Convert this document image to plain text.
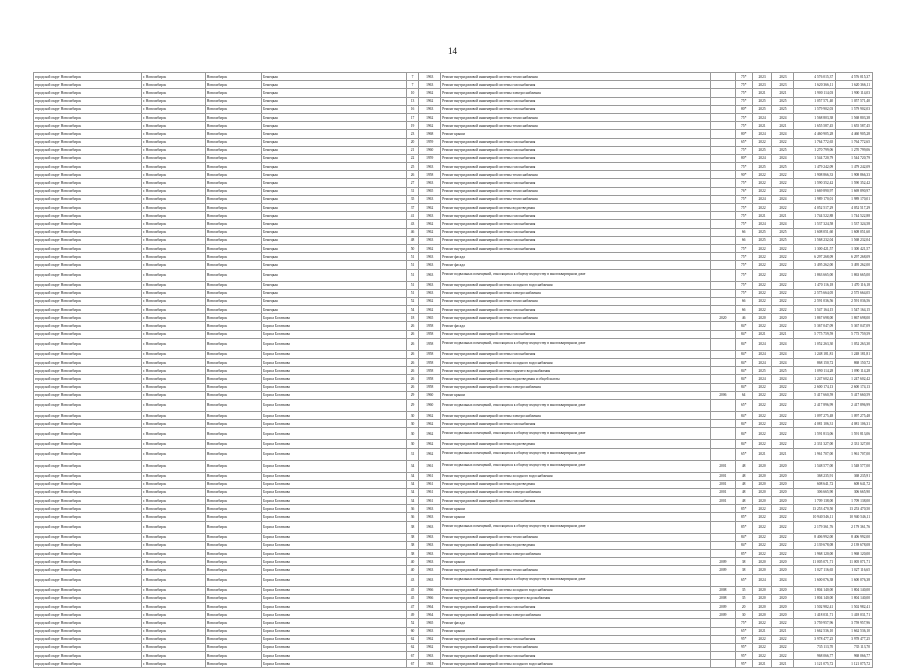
14
городской округ Новосибирск	г. Новосибирск	Новосибирск	Бежецкая	7	1963	Ремонт внутридомовой инженерной системы теплоснабжения		75*	2023	2023	4 576 015,37	4 576 015,37
городской округ Новосибирск	г. Новосибирск	Новосибирск	Бежецкая	7	1963	Ремонт внутридомовой инженерной системы газоснабжения		75*	2023	2023	1 620 366,11	1 620 366,11
городской округ Новосибирск	г. Новосибирск	Новосибирск	Бежецкая	10	1962	Ремонт внутридомовой инженерной системы электроснабжения		75*	2021	2021	1 900 114,03	1 900 114,03
городской округ Новосибирск	г. Новосибирск	Новосибирск	Бежецкая	13	1962	Ремонт внутридомовой инженерной системы газоснабжения		75*	2025	2025	1 057 571,40	1 057 571,40
городской округ Новосибирск	г. Новосибирск	Новосибирск	Бежецкая	16	1963	Ремонт внутридомовой инженерной системы газоснабжения		80*	2025	2025	1 579 902,03	1 579 902,03
городской округ Новосибирск	г. Новосибирск	Новосибирск	Бежецкая	17	1962	Ремонт внутридомовой инженерной системы теплоснабжения		75*	2024	2024	1 568 803,38	1 568 803,38
городской округ Новосибирск	г. Новосибирск	Новосибирск	Бежецкая	19	1962	Ремонт внутридомовой инженерной системы теплоснабжения		75*	2021	2021	1 655 587,45	1 655 587,45
городской округ Новосибирск	г. Новосибирск	Новосибирск	Бежецкая	23	1968	Ремонт крыши		80*	2024	2024	4 460 905,28	4 460 905,28
городской округ Новосибирск	г. Новосибирск	Новосибирск	Бежецкая	20	1959	Ремонт внутридомовой инженерной системы газоснабжения		65*	2022	2022	1 764 772,65	1 764 772,65
городской округ Новосибирск	г. Новосибирск	Новосибирск	Бежецкая	21	1960	Ремонт внутридомовой инженерной системы газоснабжения		75*	2025	2025	1 270 799,06	1 270 799,06
городской округ Новосибирск	г. Новосибирск	Новосибирск	Бежецкая	22	1959	Ремонт внутридомовой инженерной системы газоснабжения		80*	2024	2024	1 544 720,79	1 544 720,79
городской округ Новосибирск	г. Новосибирск	Новосибирск	Бежецкая	25	1963	Ремонт внутридомовой инженерной системы газоснабжения		75*	2025	2025	1 479 242,09	1 479 242,09
городской округ Новосибирск	г. Новосибирск	Новосибирск	Бежецкая	26	1958	Ремонт внутридомовой инженерной системы теплоснабжения		90*	2022	2022	1 908 866,33	1 908 866,33
городской округ Новосибирск	г. Новосибирск	Новосибирск	Бежецкая	27	1963	Ремонт внутридомовой инженерной системы газоснабжения		75*	2022	2022	1 590 352,42	1 590 352,42
городской округ Новосибирск	г. Новосибирск	Новосибирск	Бежецкая	31	1965	Ремонт внутридомовой инженерной системы теплоснабжения		76*	2022	2022	1 669 890,97	1 669 890,97
городской округ Новосибирск	г. Новосибирск	Новосибирск	Бежецкая	35	1963	Ремонт внутридомовой инженерной системы теплоснабжения		75*	2024	2024	1 989 170,01	1 989 170,01
городской округ Новосибирск	г. Новосибирск	Новосибирск	Бежецкая	37	1962	Ремонт внутридомовой инженерной системы водоотведения		75*	2022	2022	4 052 517,29	4 052 517,29
городской округ Новосибирск	г. Новосибирск	Новосибирск	Бежецкая	41	1963	Ремонт внутридомовой инженерной системы газоснабжения		75*	2021	2021	1 744 522,88	1 744 522,88
городской округ Новосибирск	г. Новосибирск	Новосибирск	Бежецкая	43	1962	Ремонт внутридомовой инженерной системы газоснабжения		75*	2024	2024	1 537 324,58	1 537 324,58
городской округ Новосибирск	г. Новосибирск	Новосибирск	Бежецкая	46	1962	Ремонт внутридомовой инженерной системы газоснабжения		66	2025	2025	1 608 051,60	1 608 051,60
городской округ Новосибирск	г. Новосибирск	Новосибирск	Бежецкая	48	1963	Ремонт внутридомовой инженерной системы газоснабжения		66	2025	2025	1 568 232,04	1 568 232,04
городской округ Новосибирск	г. Новосибирск	Новосибирск	Бежецкая	50	1962	Ремонт внутридомовой инженерной системы газоснабжения		75*	2022	2022	1 300 421,57	1 300 421,57
городской округ Новосибирск	г. Новосибирск	Новосибирск	Бежецкая	51	1963	Ремонт фасада		75*	2022	2022	6 297 268,09	6 297 268,09
городской округ Новосибирск	г. Новосибирск	Новосибирск	Бежецкая	51	1963	Ремонт фасада		75*	2022	2022	3 495 262,00	3 495 262,00
городской округ Новосибирск	г. Новосибирск	Новосибирск	Бежецкая	51	1963	Ремонт подвальных помещений, относящихся к общему имуществу в многоквартирном доме		75*	2022	2022	1 863 665,00	1 863 665,00
городской округ Новосибирск	г. Новосибирск	Новосибирск	Бежецкая	51	1963	Ремонт внутридомовой инженерной системы холодного водоснабжения		75*	2022	2022	1 470 116,18	1 470 116,18
городской округ Новосибирск	г. Новосибирск	Новосибирск	Бежецкая	51	1963	Ремонт внутридомовой инженерной системы электроснабжения		75*	2022	2022	2 575 664,05	2 575 664,05
городской округ Новосибирск	г. Новосибирск	Новосибирск	Бежецкая	52	1962	Ремонт внутридомовой инженерной системы теплоснабжения		66	2022	2022	2 591 036,56	2 591 036,56
городской округ Новосибирск	г. Новосибирск	Новосибирск	Бежецкая	54	1962	Ремонт внутридомовой инженерной системы газоснабжения		66	2022	2022	1 547 164,15	1 547 164,15
городской округ Новосибирск	г. Новосибирск	Новосибирск	Бориса Богаткова	18	1965	Ремонт внутридомовой инженерной системы теплоснабжения	2020	46	2020	2020	1 867 698,00	1 867 698,00
городской округ Новосибирск	г. Новосибирск	Новосибирск	Бориса Богаткова	26	1958	Ремонт фасада		84*	2022	2022	5 367 047,09	5 367 047,09
городской округ Новосибирск	г. Новосибирск	Новосибирск	Бориса Богаткова	26	1958	Ремонт внутридомовой инженерной системы газоснабжения		84*	2021	2021	5 775 759,59	5 775 759,59
городской округ Новосибирск	г. Новосибирск	Новосибирск	Бориса Богаткова	26	1958	Ремонт подвальных помещений, относящихся к общему имуществу в многоквартирном доме		84*	2024	2024	1 052 263,30	1 052 263,30
городской округ Новосибирск	г. Новосибирск	Новосибирск	Бориса Богаткова	26	1958	Ремонт внутридомовой инженерной системы газоснабжения		84*	2024	2024	1 248 181,81	1 248 181,81
городской округ Новосибирск	г. Новосибирск	Новосибирск	Бориса Богаткова	26	1958	Ремонт внутридомовой инженерной системы холодного водоснабжения		84*	2024	2024	868 150,72	868 150,72
городской округ Новосибирск	г. Новосибирск	Новосибирск	Бориса Богаткова	26	1958	Ремонт внутридомовой инженерной системы горячего водоснабжения		84*	2025	2025	1 090 114,28	1 090 114,28
городской округ Новосибирск	г. Новосибирск	Новосибирск	Бориса Богаткова	26	1958	Ремонт внутридомовой инженерной системы водоотведения и общей шахты		84*	2024	2024	1 247 602,42	1 247 602,42
городской округ Новосибирск	г. Новосибирск	Новосибирск	Бориса Богаткова	26	1958	Ремонт внутридомовой инженерной системы электроснабжения		84*	2022	2022	2 600 174,13	2 600 174,13
городской округ Новосибирск	г. Новосибирск	Новосибирск	Бориса Богаткова	29	1960	Ремонт крыши	2006	64	2022	2022	5 417 660,59	5 417 660,59
городской округ Новосибирск	г. Новосибирск	Новосибирск	Бориса Богаткова	29	1960	Ремонт подвальных помещений, относящихся к общему имуществу в многоквартирном доме		65*	2022	2022	2 417 896,99	2 417 896,99
городской округ Новосибирск	г. Новосибирск	Новосибирск	Бориса Богаткова	30	1962	Ремонт внутридомовой инженерной системы электроснабжения		84*	2022	2022	1 097 275,48	1 097 275,48
городской округ Новосибирск	г. Новосибирск	Новосибирск	Бориса Богаткова	30	1962	Ремонт внутридомовой инженерной системы газоснабжения		84*	2022	2022	4 081 106,31	4 081 106,31
городской округ Новосибирск	г. Новосибирск	Новосибирск	Бориса Богаткова	30	1962	Ремонт подвальных помещений, относящихся к общему имуществу в многоквартирном доме		84*	2022	2022	1 591 813,06	1 591 813,06
городской округ Новосибирск	г. Новосибирск	Новосибирск	Бориса Богаткова	30	1962	Ремонт внутридомовой инженерной системы водоотведения		84*	2022	2022	2 331 327,00	2 331 327,00
городской округ Новосибирск	г. Новосибирск	Новосибирск	Бориса Богаткова	31	1962	Ремонт подвальных помещений, относящихся к общему имуществу в многоквартирном доме		65*	2021	2021	1 961 707,00	1 961 707,00
городской округ Новосибирск	г. Новосибирск	Новосибирск	Бориса Богаткова	34	1961	Ремонт подвальных помещений, относящихся к общему имуществу в многоквартирном доме	2001	48	2020	2020	1 548 577,00	1 548 577,00
городской округ Новосибирск	г. Новосибирск	Новосибирск	Бориса Богаткова	34	1961	Ремонт внутридомовой инженерной системы холодного водоснабжения	2001	48	2020	2020	368 235,91	368 235,91
городской округ Новосибирск	г. Новосибирск	Новосибирск	Бориса Богаткова	34	1961	Ремонт внутридомовой инженерной системы водоотведения	2001	48	2020	2020	608 641,72	608 641,72
городской округ Новосибирск	г. Новосибирск	Новосибирск	Бориса Богаткова	34	1961	Ремонт внутридомовой инженерной системы электроснабжения	2001	48	2020	2020	306 665,90	306 665,90
городской округ Новосибирск	г. Новосибирск	Новосибирск	Бориса Богаткова	34	1961	Ремонт внутридомовой инженерной системы газоснабжения	2001	48	2020	2020	1 709 138,00	1 709 138,00
городской округ Новосибирск	г. Новосибирск	Новосибирск	Бориса Богаткова	36	1963	Ремонт крыши		85*	2022	2022	13 253 470,50	13 253 470,50
городской округ Новосибирск	г. Новосибирск	Новосибирск	Бориса Богаткова	36	1963	Ремонт крыши		85*	2022	2022	10 940 546,11	10 940 546,11
городской округ Новосибирск	г. Новосибирск	Новосибирск	Бориса Богаткова	38	1963	Ремонт подвальных помещений, относящихся к общему имуществу в многоквартирном доме		85*	2022	2022	2 179 361,76	2 179 361,76
городской округ Новосибирск	г. Новосибирск	Новосибирск	Бориса Богаткова	38	1963	Ремонт внутридомовой инженерной системы теплоснабжения		84*	2022	2022	8 406 992,00	8 406 992,00
городской округ Новосибирск	г. Новосибирск	Новосибирск	Бориса Богаткова	38	1963	Ремонт внутридомовой инженерной системы водоотведения		84*	2022	2022	2 139 678,08	2 139 678,08
городской округ Новосибирск	г. Новосибирск	Новосибирск	Бориса Богаткова	38	1963	Ремонт внутридомовой инженерной системы электроснабжения		85*	2022	2022	1 968 120,00	1 968 120,00
городской округ Новосибирск	г. Новосибирск	Новосибирск	Бориса Богаткова	40	1963	Ремонт крыши	2009	38	2020	2020	11 005 071,71	11 005 071,71
городской округ Новосибирск	г. Новосибирск	Новосибирск	Бориса Богаткова	40	1963	Ремонт внутридомовой инженерной системы теплоснабжения	2009	38	2020	2020	1 027 116,65	1 027 116,65
городской округ Новосибирск	г. Новосибирск	Новосибирск	Бориса Богаткова	43	1963	Ремонт подвальных помещений, относящихся к общему имуществу в многоквартирном доме		65*	2024	2024	1 600 076,38	1 600 076,38
городской округ Новосибирск	г. Новосибирск	Новосибирск	Бориса Богаткова	45	1966	Ремонт внутридомовой инженерной системы холодного водоснабжения	2008	35	2020	2020	1 804 140,00	1 804 140,00
городской округ Новосибирск	г. Новосибирск	Новосибирск	Бориса Богаткова	45	1966	Ремонт внутридомовой инженерной системы горячего водоснабжения	2008	35	2020	2020	1 804 140,00	1 804 140,00
городской округ Новосибирск	г. Новосибирск	Новосибирск	Бориса Богаткова	47	1964	Ремонт внутридомовой инженерной системы газоснабжения	2009	20	2020	2020	1 502 982,41	1 502 982,41
городской округ Новосибирск	г. Новосибирск	Новосибирск	Бориса Богаткова	49	1964	Ремонт внутридомовой инженерной системы электроснабжения	2009	30	2020	2020	1 418 031,71	1 418 031,71
городской округ Новосибирск	г. Новосибирск	Новосибирск	Бориса Богаткова	52	1965	Ремонт фасада		75*	2022	2022	3 759 957,96	3 759 957,96
городской округ Новосибирск	г. Новосибирск	Новосибирск	Бориса Богаткова	60	1963	Ремонт крыши		65*	2021	2021	1 662 536,10	1 662 536,10
городской округ Новосибирск	г. Новосибирск	Новосибирск	Бориса Богаткова	62	1962	Ремонт внутридомовой инженерной системы газоснабжения		95*	2022	2022	3 978 477,25	3 978 477,25
городской округ Новосибирск	г. Новосибирск	Новосибирск	Бориса Богаткова	62	1962	Ремонт внутридомовой инженерной системы теплоснабжения		95*	2022	2022	735 113,70	735 113,70
городской округ Новосибирск	г. Новосибирск	Новосибирск	Бориса Богаткова	67	1963	Ремонт внутридомовой инженерной системы газоснабжения		95*	2022	2022	968 066,77	968 066,77
городской округ Новосибирск	г. Новосибирск	Новосибирск	Бориса Богаткова	67	1963	Ремонт внутридомовой инженерной системы холодного водоснабжения		95*	2021	2021	1 121 075,72	1 121 075,72
